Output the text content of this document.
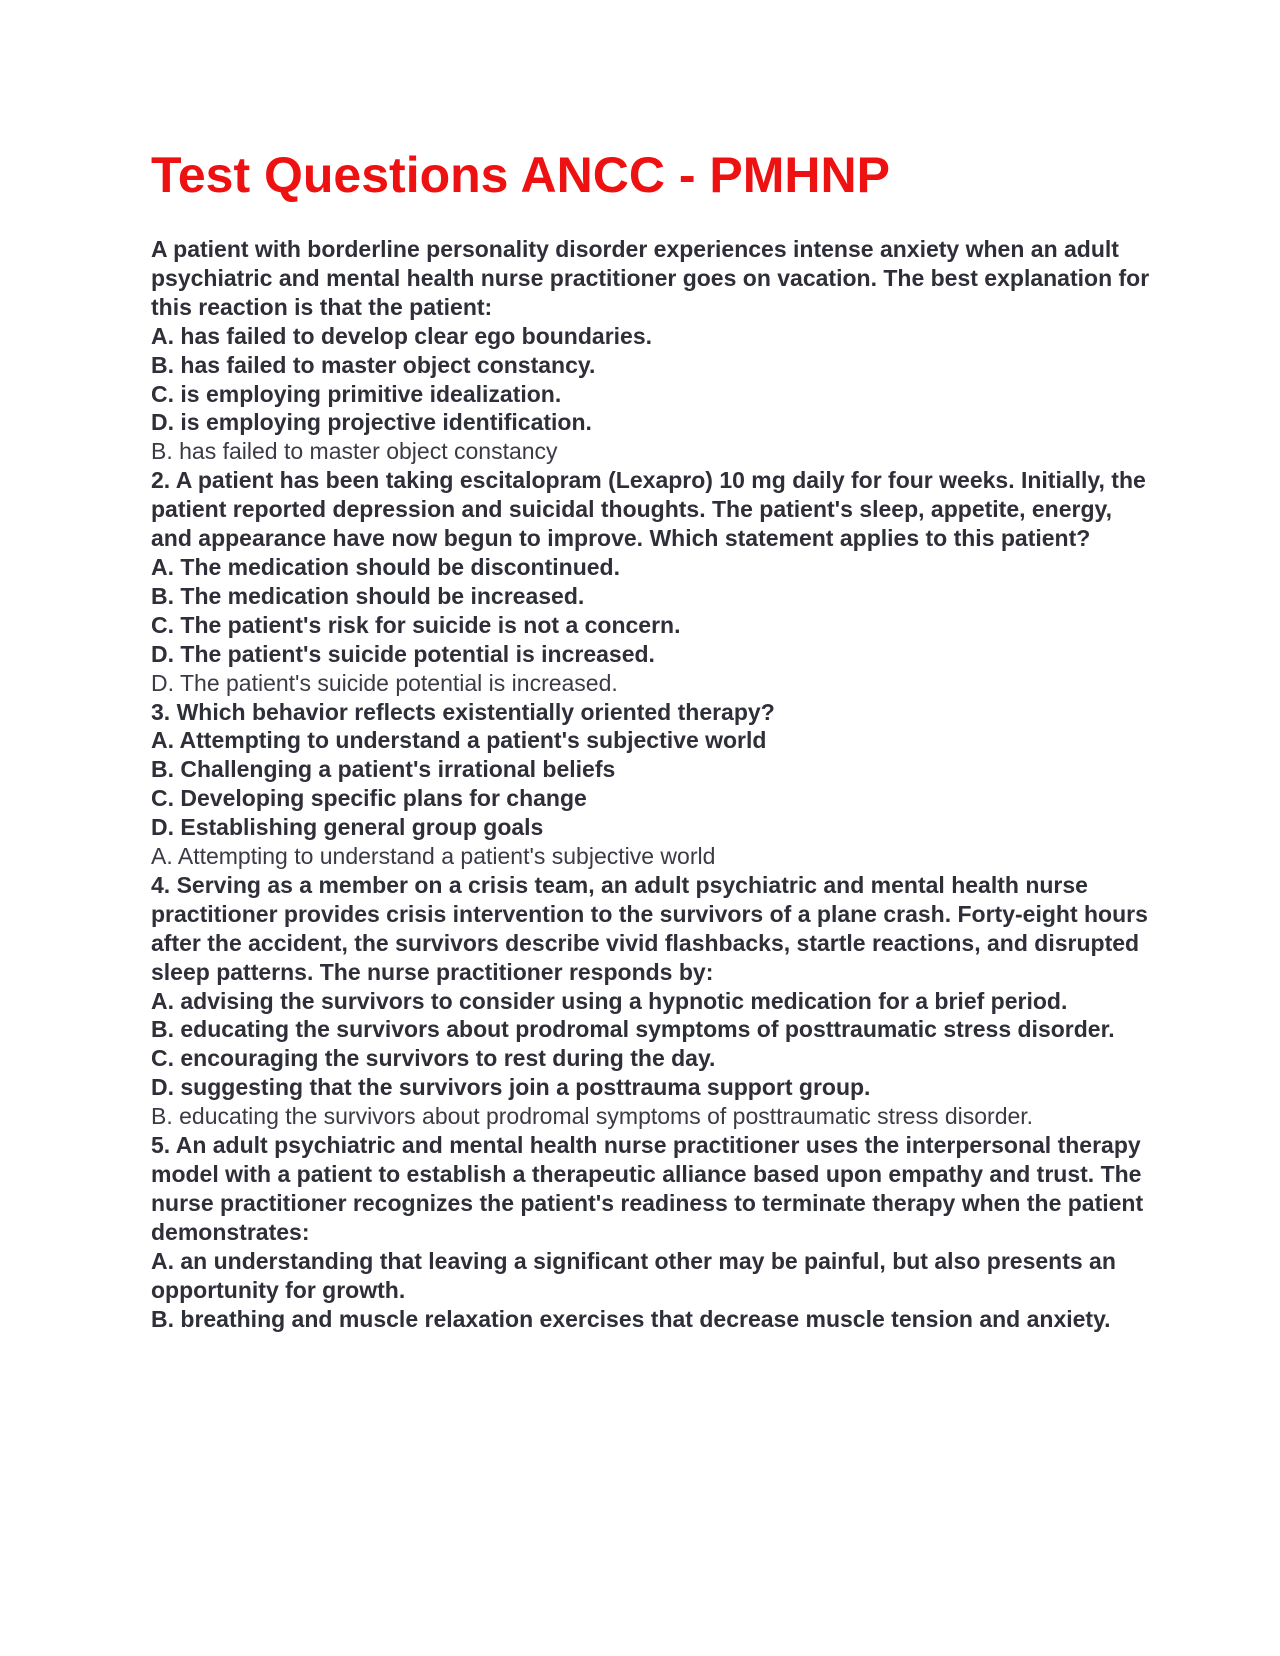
Test Questions ANCC - PMHNP

A patient with borderline personality disorder experiences intense anxiety when an adult psychiatric and mental health nurse practitioner goes on vacation. The best explanation for this reaction is that the patient:

A. has failed to develop clear ego boundaries.

B. has failed to master object constancy.

C. is employing primitive idealization.

D. is employing projective identification.

B. has failed to master object constancy

2. A patient has been taking escitalopram (Lexapro) 10 mg daily for four weeks. Initially, the patient reported depression and suicidal thoughts. The patient's sleep, appetite, energy, and appearance have now begun to improve. Which statement applies to this patient?

A. The medication should be discontinued.

B. The medication should be increased.

C. The patient's risk for suicide is not a concern.

D. The patient's suicide potential is increased.

D. The patient's suicide potential is increased.

3. Which behavior reflects existentially oriented therapy?

A. Attempting to understand a patient's subjective world

B. Challenging a patient's irrational beliefs

C. Developing specific plans for change

D. Establishing general group goals

A. Attempting to understand a patient's subjective world

4. Serving as a member on a crisis team, an adult psychiatric and mental health nurse practitioner provides crisis intervention to the survivors of a plane crash. Forty-eight hours after the accident, the survivors describe vivid flashbacks, startle reactions, and disrupted sleep patterns. The nurse practitioner responds by:

A. advising the survivors to consider using a hypnotic medication for a brief period.

B. educating the survivors about prodromal symptoms of posttraumatic stress disorder.

C. encouraging the survivors to rest during the day.

D. suggesting that the survivors join a posttrauma support group.

B. educating the survivors about prodromal symptoms of posttraumatic stress disorder.

5. An adult psychiatric and mental health nurse practitioner uses the interpersonal therapy model with a patient to establish a therapeutic alliance based upon empathy and trust. The nurse practitioner recognizes the patient's readiness to terminate therapy when the patient demonstrates:

A. an understanding that leaving a significant other may be painful, but also presents an opportunity for growth.

B. breathing and muscle relaxation exercises that decrease muscle tension and anxiety.
